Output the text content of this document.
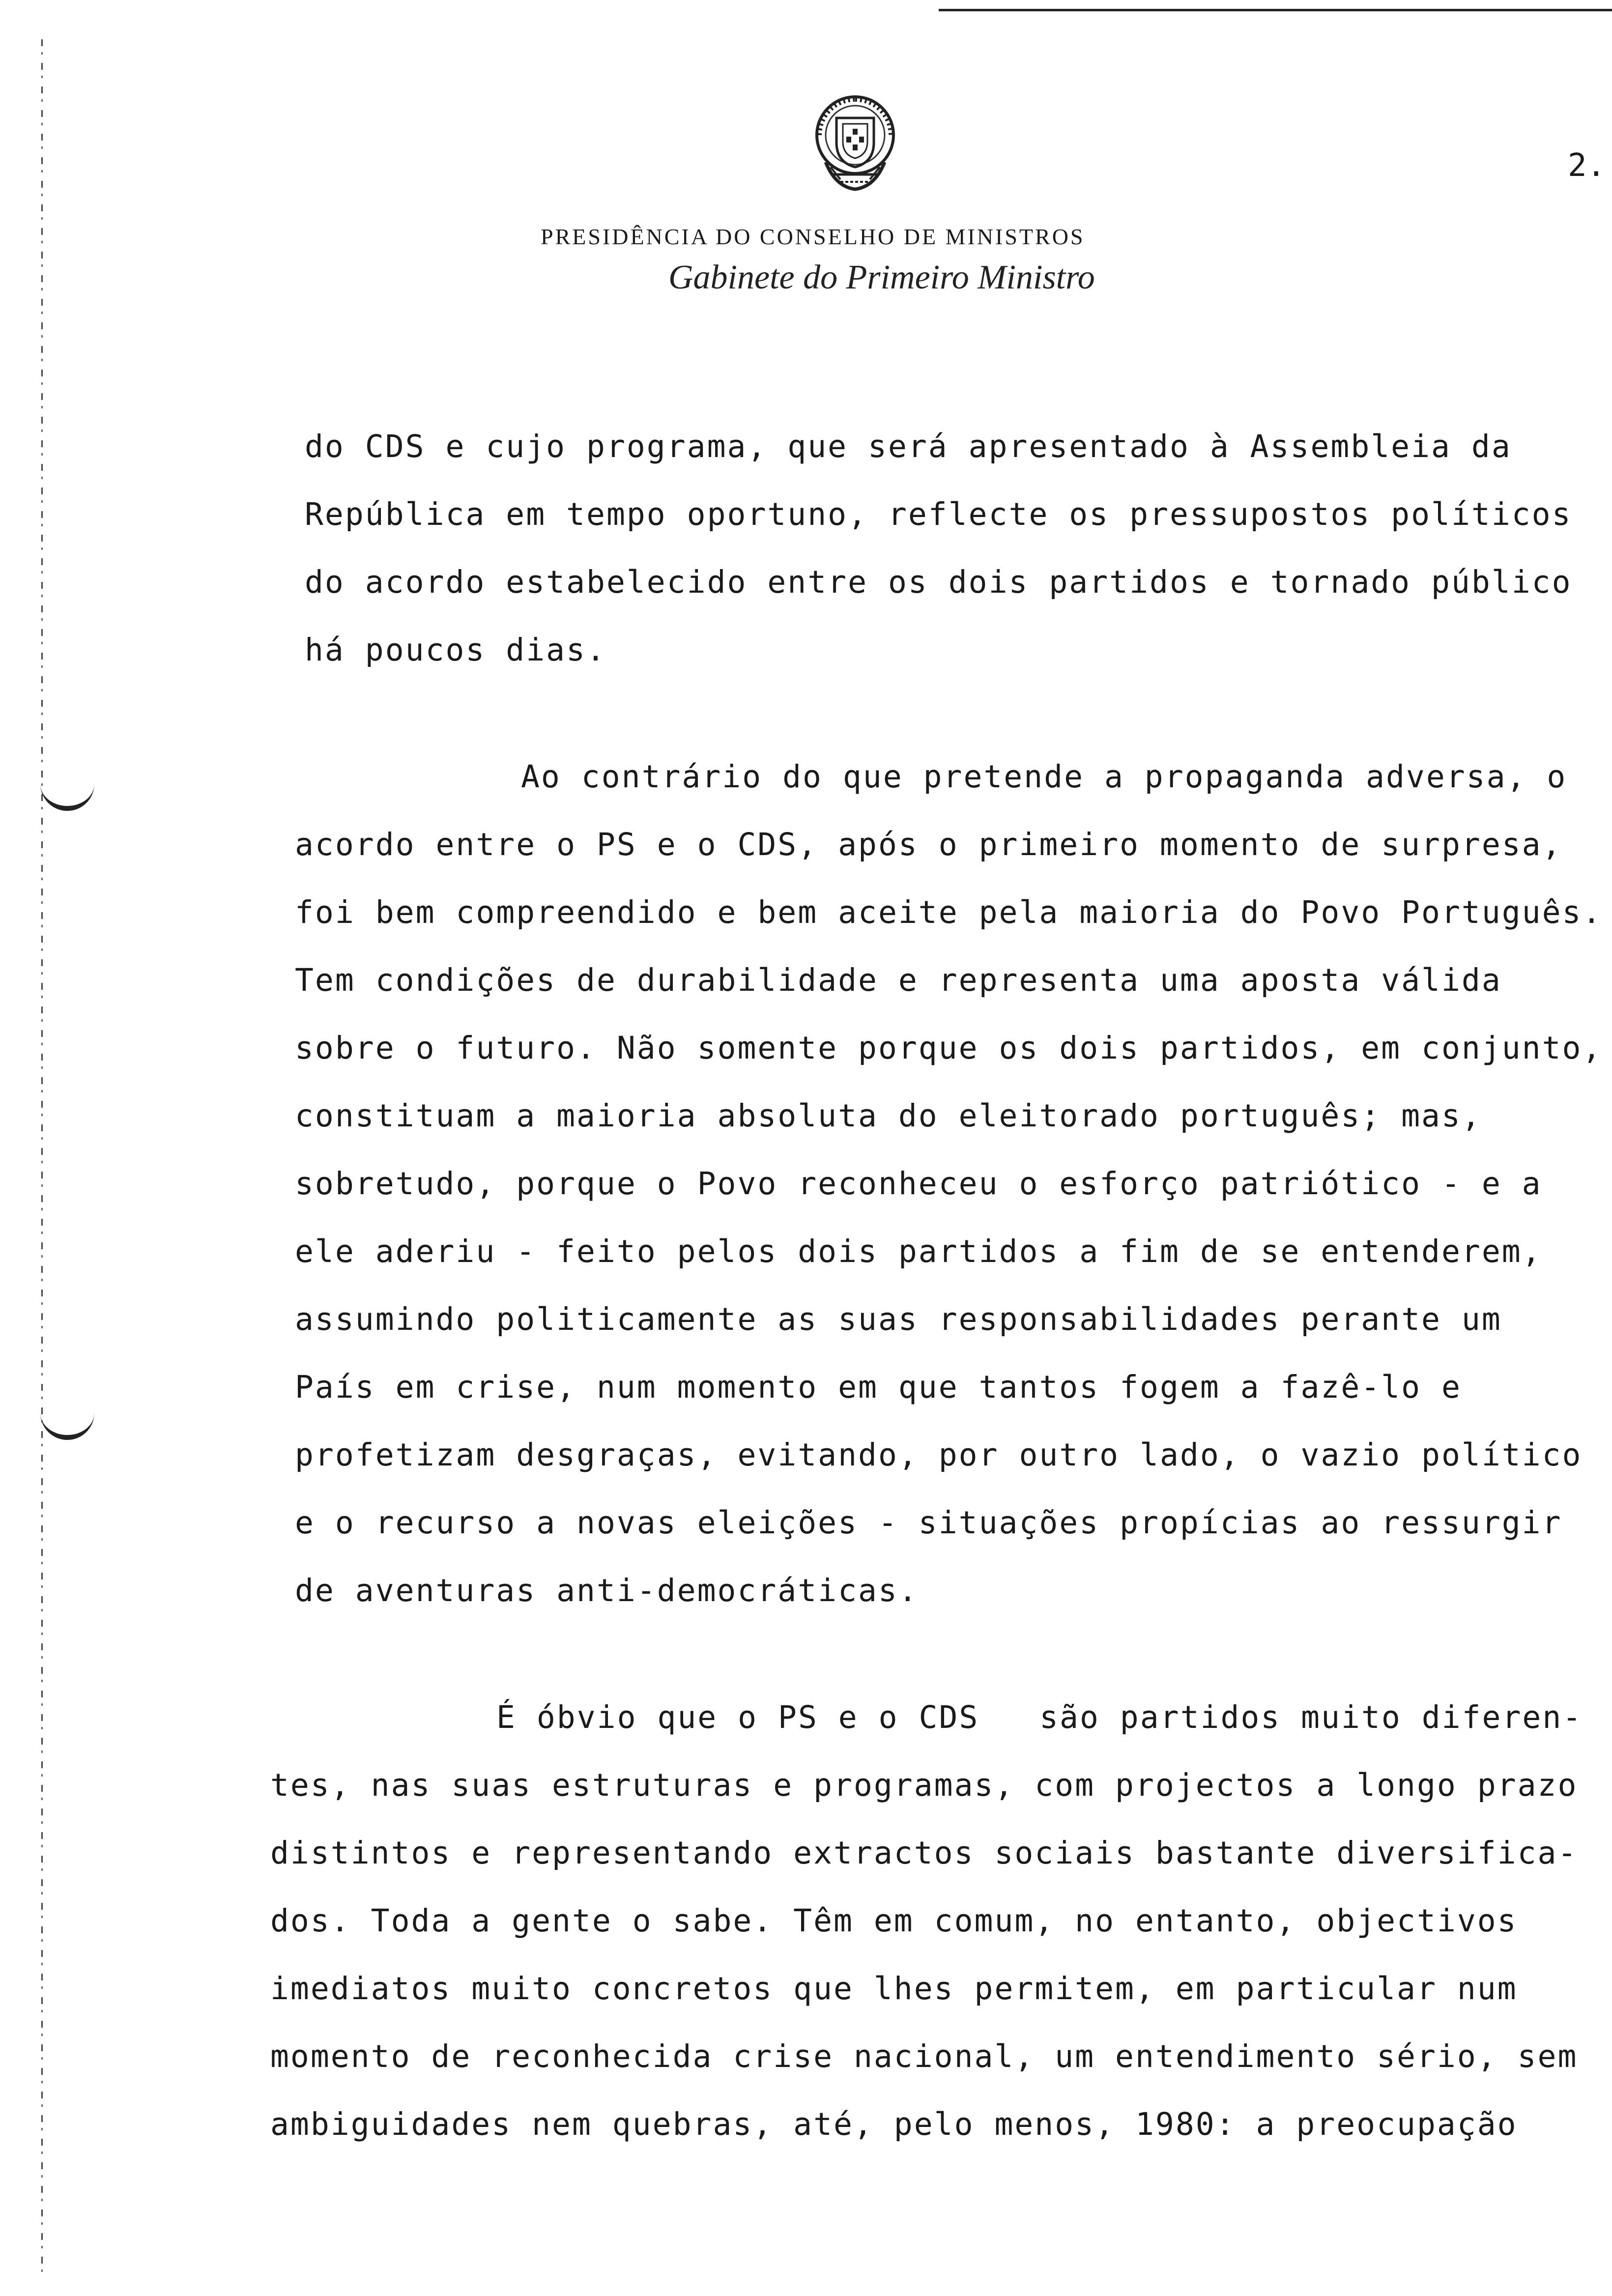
2.
PRESIDÊNCIA DO CONSELHO DE MINISTROS
Gabinete do Primeiro Ministro
do CDS e cujo programa, que será apresentado à Assembleia da
República em tempo oportuno, reflecte os pressupostos políticos
do acordo estabelecido entre os dois partidos e tornado público
há poucos dias.
Ao contrário do que pretende a propaganda adversa, o
acordo entre o PS e o CDS, após o primeiro momento de surpresa,
foi bem compreendido e bem aceite pela maioria do Povo Português.
Tem condições de durabilidade e representa uma aposta válida
sobre o futuro. Não somente porque os dois partidos, em conjunto,
constituam a maioria absoluta do eleitorado português; mas,
sobretudo, porque o Povo reconheceu o esforço patriótico - e a
ele aderiu - feito pelos dois partidos a fim de se entenderem,
assumindo politicamente as suas responsabilidades perante um
País em crise, num momento em que tantos fogem a fazê-lo e
profetizam desgraças, evitando, por outro lado, o vazio político
e o recurso a novas eleições - situações propícias ao ressurgir
de aventuras anti-democráticas.
É óbvio que o PS e o CDS   são partidos muito diferen-
tes, nas suas estruturas e programas, com projectos a longo prazo
distintos e representando extractos sociais bastante diversifica-
dos. Toda a gente o sabe. Têm em comum, no entanto, objectivos
imediatos muito concretos que lhes permitem, em particular num
momento de reconhecida crise nacional, um entendimento sério, sem
ambiguidades nem quebras, até, pelo menos, 1980: a preocupação
